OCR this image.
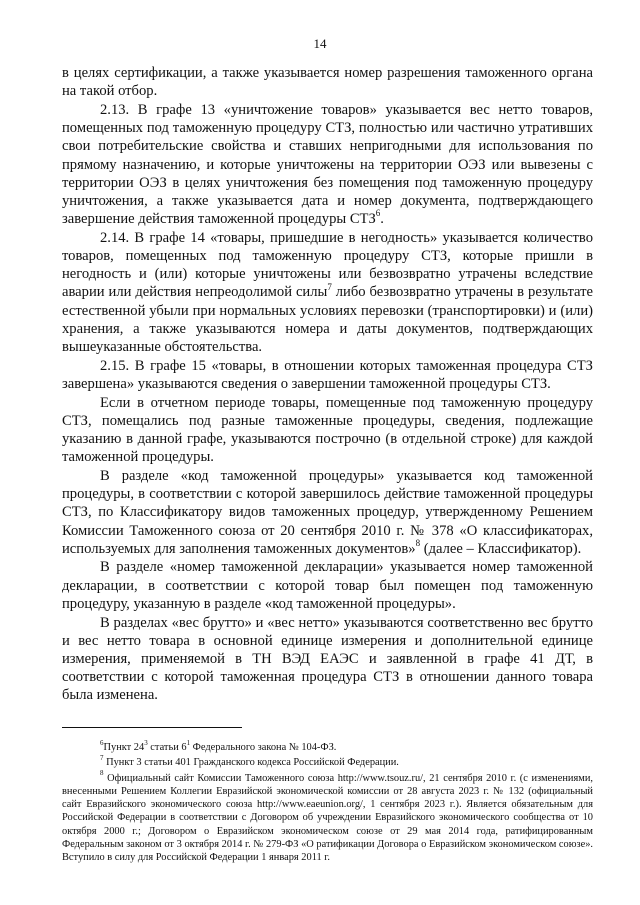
14

в целях сертификации, а также указывается номер разрешения таможенного органа на такой отбор.

2.13. В графе 13 «уничтожение товаров» указывается вес нетто товаров, помещенных под таможенную процедуру СТЗ, полностью или частично утративших свои потребительские свойства и ставших непригодными для использования по прямому назначению, и которые уничтожены на территории ОЭЗ или вывезены с территории ОЭЗ в целях уничтожения без помещения под таможенную процедуру уничтожения, а также указывается дата и номер документа, подтверждающего завершение действия таможенной процедуры СТЗ$^6$.

2.14. В графе 14 «товары, пришедшие в негодность» указывается количество товаров, помещенных под таможенную процедуру СТЗ, которые пришли в негодность и (или) которые уничтожены или безвозвратно утрачены вследствие аварии или действия непреодолимой силы$^7$ либо безвозвратно утрачены в результате естественной убыли при нормальных условиях перевозки (транспортировки) и (или) хранения, а также указываются номера и даты документов, подтверждающих вышеуказанные обстоятельства.

2.15. В графе 15 «товары, в отношении которых таможенная процедура СТЗ завершена» указываются сведения о завершении таможенной процедуры СТЗ.

Если в отчетном периоде товары, помещенные под таможенную процедуру СТЗ, помещались под разные таможенные процедуры, сведения, подлежащие указанию в данной графе, указываются построчно (в отдельной строке) для каждой таможенной процедуры.

В разделе «код таможенной процедуры» указывается код таможенной процедуры, в соответствии с которой завершилось действие таможенной процедуры СТЗ, по Классификатору видов таможенных процедур, утвержденному Решением Комиссии Таможенного союза от 20 сентября 2010 г. № 378 «О классификаторах, используемых для заполнения таможенных документов»$^8$ (далее – Классификатор).

В разделе «номер таможенной декларации» указывается номер таможенной декларации, в соответствии с которой товар был помещен под таможенную процедуру, указанную в разделе «код таможенной процедуры».

В разделах «вес брутто» и «вес нетто» указываются соответственно вес брутто и вес нетто товара в основной единице измерения и дополнительной единице измерения, применяемой в ТН ВЭД ЕАЭС и заявленной в графе 41 ДТ, в соответствии с которой таможенная процедура СТЗ в отношении данного товара была изменена.

$^6$Пункт $24^3$ статьи $6^1$ Федерального закона № 104-ФЗ.

$^7$ Пункт 3 статьи 401 Гражданского кодекса Российской Федерации.

$^8$ Официальный сайт Комиссии Таможенного союза http://www.tsouz.ru/, 21 сентября 2010 г. (с изменениями, внесенными Решением Коллегии Евразийской экономической комиссии от 28 августа 2023 г. № 132 (официальный сайт Евразийского экономического союза http://www.eaeunion.org/, 1 сентября 2023 г.). Является обязательным для Российской Федерации в соответствии с Договором об учреждении Евразийского экономического сообщества от 10 октября 2000 г.; Договором о Евразийском экономическом союзе от 29 мая 2014 года, ратифицированным Федеральным законом от 3 октября 2014 г. № 279-ФЗ «О ратификации Договора о Евразийском экономическом союзе». Вступило в силу для Российской Федерации 1 января 2011 г.
